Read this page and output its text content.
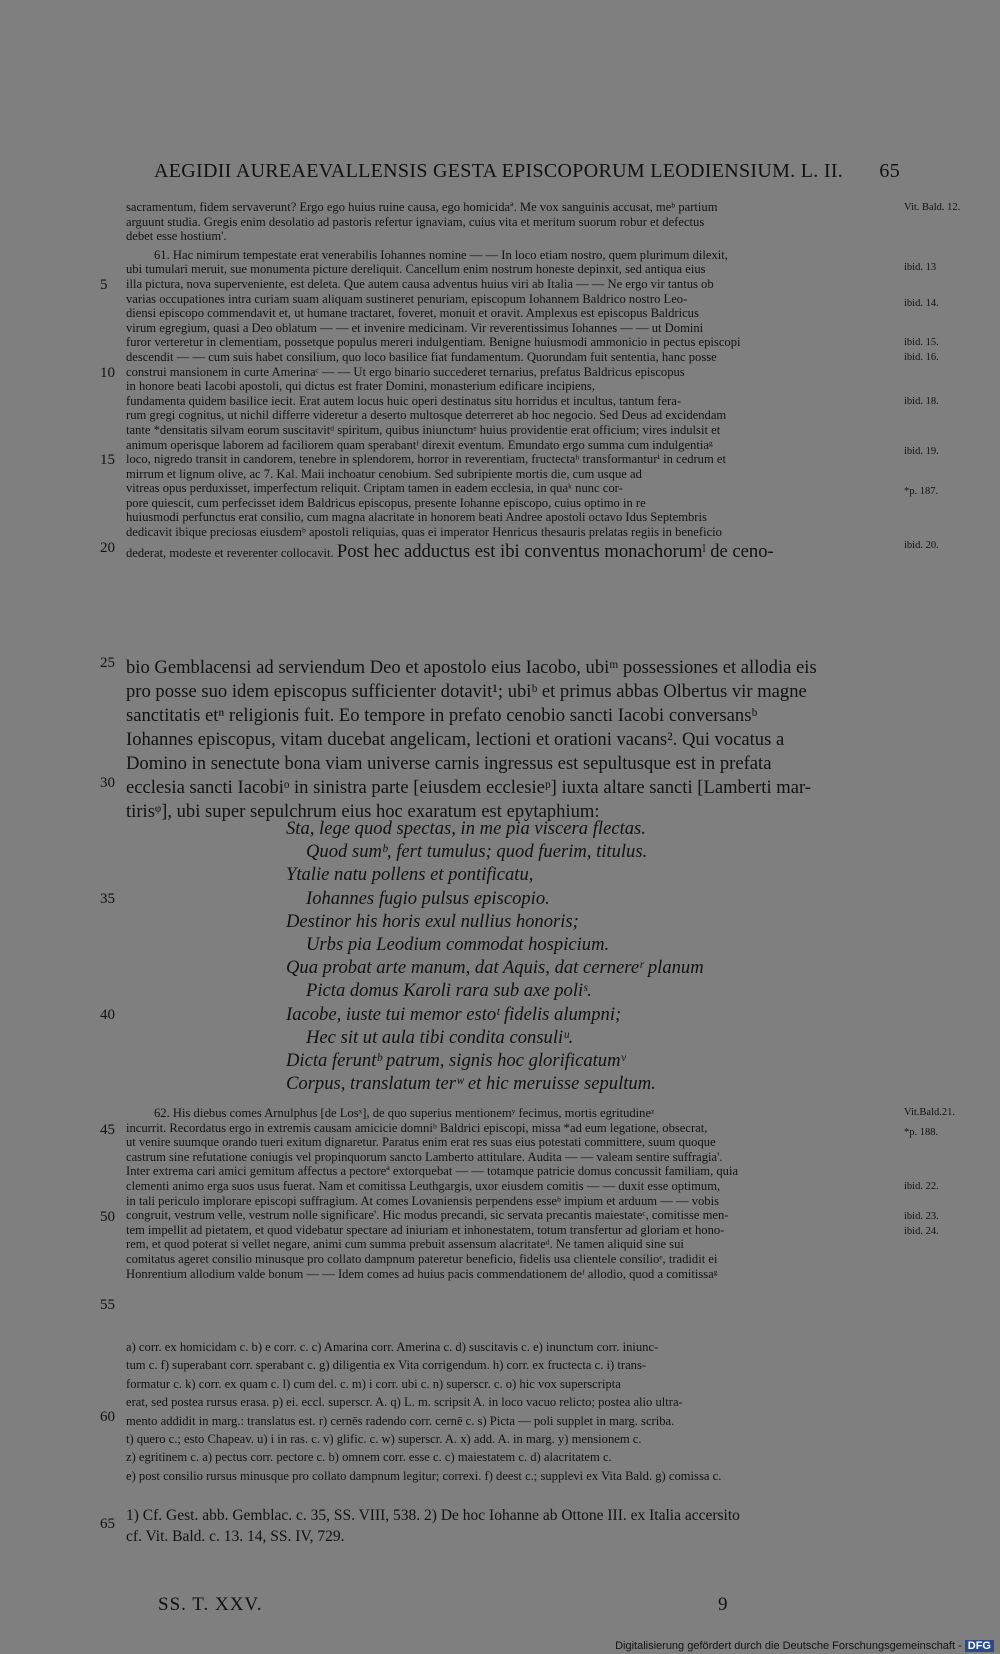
AEGIDII AUREAEVALLENSIS GESTA EPISCOPORUM LEODIENSIUM. L. II. 65
sacramentum, fidem servaverunt? Ergo ego huius ruine causa, ego homicidaª. Me vox sanguinis accusat, meᵇ partium
arguunt studia. Gregis enim desolatio ad pastoris refertur ignaviam, cuius vita et meritum suorum robur et defectus
debet esse hostium'.
61. Hac nimirum tempestate erat venerabilis Iohannes nomine — — In loco etiam nostro, quem plurimum dilexit,
ubi tumulari meruit, sue monumenta picture dereliquit. Cancellum enim nostrum honeste depinxit, sed antiqua eius
illa pictura, nova superveniente, est deleta. Que autem causa adventus huius viri ab Italia — — Ne ergo vir tantus ob
varias occupationes intra curiam suam aliquam sustineret penuriam, episcopum Iohannem Baldrico nostro Leo-
diensi episcopo commendavit et, ut humane tractaret, foveret, monuit et oravit. Amplexus est episcopus Baldricus
virum egregium, quasi a Deo oblatum — — et invenire medicinam. Vir reverentissimus Iohannes — — ut Domini
furor verteretur in clementiam, possetque populus mereri indulgentiam. Benigne huiusmodi ammonicio in pectus episcopi
descendit — — cum suis habet consilium, quo loco basilice fiat fundamentum. Quorundam fuit sententia, hanc posse
construi mansionem in curte Amerinaᶜ — — Ut ergo binario succederet ternarius, prefatus Baldricus episcopus
in honore beati Iacobi apostoli, qui dictus est frater Domini, monasterium edificare incipiens,
fundamenta quidem basilice iecit. Erat autem locus huic operi destinatus situ horridus et incultus, tantum fera-
rum gregi cognitus, ut nichil differre videretur a deserto multosque deterreret ab hoc negocio. Sed Deus ad excidendam
tante *densitatis silvam eorum suscitavitᵈ spiritum, quibus iniunctumᵉ huius providentie erat officium; vires indulsit et
animum operisque laborem ad faciliorem quam sperabantᶠ direxit eventum. Emundato ergo summa cum indulgentiaᵍ
loco, nigredo transit in candorem, tenebre in splendorem, horror in reverentiam, fructectaʰ transformanturⁱ in cedrum et
mirrum et lignum olive, ac 7. Kal. Maii inchoatur cenobium. Sed subripiente mortis die, cum usque ad
vitreas opus perduxisset, imperfectum reliquit. Criptam tamen in eadem ecclesia, in quaᵏ nunc cor-
pore quiescit, cum perfecisset idem Baldricus episcopus, presente Iohanne episcopo, cuius optimo in re
huiusmodi perfunctus erat consilio, cum magna alacritate in honorem beati Andree apostoli octavo Idus Septembris
dedicavit ibique preciosas eiusdemᵇ apostoli reliquias, quas ei imperator Henricus thesauris prelatas regiis in beneficio
dederat, modeste et reverenter collocavit. Post hec adductus est ibi conventus monachorumˡ de ceno-
bio Gemblacensi ad serviendum Deo et apostolo eius Iacobo, ubiᵐ possessiones et allodia eis
pro posse suo idem episcopus sufficienter dotavit¹; ubiᵇ et primus abbas Olbertus vir magne
sanctitatis etⁿ religionis fuit. Eo tempore in prefato cenobio sancti Iacobi conversansᵇ
Iohannes episcopus, vitam ducebat angelicam, lectioni et orationi vacans². Qui vocatus a
Domino in senectute bona viam universe carnis ingressus est sepultusque est in prefata
ecclesia sancti Iacobiᵒ in sinistra parte [eiusdem ecclesieᵖ] iuxta altare sancti [Lamberti mar-
tirisᵠ], ubi super sepulchrum eius hoc exaratum est epytaphium:
Sta, lege quod spectas, in me pia viscera flectas.
Quod sumᵇ, fert tumulus; quod fuerim, titulus.
Ytalie natu pollens et pontificatu,
Iohannes fugio pulsus episcopio.
Destinor his horis exul nullius honoris;
Urbs pia Leodium commodat hospicium.
Qua probat arte manum, dat Aquis, dat cernereʳ planum
Picta domus Karoli rara sub axe poliˢ.
Iacobe, iuste tui memor estoᵗ fidelis alumpni;
Hec sit ut aula tibi condita consuliᵘ.
Dicta feruntᵇ patrum, signis hoc glorificatumᵛ
Corpus, translatum terʷ et hic meruisse sepultum.
62. His diebus comes Arnulphus [de Losˣ], de quo superius mentionemʸ fecimus, mortis egritudineᶻ
incurrit. Recordatus ergo in extremis causam amicicie domniᵇ Baldrici episcopi, missa *ad eum legatione, obsecrat,
ut venire suumque orando tueri exitum dignaretur. Paratus enim erat res suas eius potestati committere, suum quoque
castrum sine refutatione coniugis vel propinquorum sancto Lamberto attitulare. Audita — — valeam sentire suffragia'.
Inter extrema cari amici gemitum affectus a pectoreª extorquebat — — totamque patricie domus concussit familiam, quia
clementi animo erga suos usus fuerat. Nam et comitissa Leuthgargis, uxor eiusdem comitis — — duxit esse optimum,
in tali periculo implorare episcopi suffragium. At comes Lovaniensis perpendens esseᵇ impium et arduum — — vobis
congruit, vestrum velle, vestrum nolle significare'. Hic modus precandi, sic servata precantis maiestateᶜ, comitisse men-
tem impellit ad pietatem, et quod videbatur spectare ad iniuriam et inhonestatem, totum transfertur ad gloriam et hono-
rem, et quod poterat si vellet negare, animi cum summa prebuit assensum alacritateᵈ. Ne tamen aliquid sine sui
comitatus ageret consilio minusque pro collato dampnum pateretur beneficio, fidelis usa clientele consilioᵉ, tradidit ei
Honrentium allodium valde bonum — — Idem comes ad huius pacis commendationem deᶠ allodio, quod a comitissaᵍ
a) corr. ex homicidam c. b) e corr. c. c) Amarina corr. Amerina c. d) suscitavis c. e) inunctum corr. iniunc-
tum c. f) superabant corr. sperabant c. g) diligentia ex Vita corrigendum. h) corr. ex fructecta c. i) trans-
formatur c. k) corr. ex quam c. l) cum del. c. m) i corr. ubi c. n) superscr. c. o) hic vox superscripta
erat, sed postea rursus erasa. p) ei. eccl. superscr. A. q) L. m. scripsit A. in loco vacuo relicto; postea alio ultra-
mento addidit in marg.: translatus est. r) cernēs radendo corr. cernē c. s) Picta — poli supplet in marg. scriba.
t) quero c.; esto Chapeav. u) i in ras. c. v) glific. c. w) superscr. A. x) add. A. in marg. y) mensionem c.
z) egritinem c. a) pectus corr. pectore c. b) omnem corr. esse c. c) maiestatem c. d) alacritatem c.
e) post consilio rursus minusque pro collato dampnum legitur; correxi. f) deest c.; supplevi ex Vita Bald. g) comissa c.
1) Cf. Gest. abb. Gemblac. c. 35, SS. VIII, 538. 2) De hoc Iohanne ab Ottone III. ex Italia accersito
cf. Vit. Bald. c. 13. 14, SS. IV, 729.
5
10
15
20
25
30
35
40
45
50
55
60
65
Vit. Bald. 12.
ibid. 13
ibid. 14.
ibid. 15.
ibid. 16.
ibid. 18.
ibid. 19.
*p. 187.
ibid. 20.
Vit.Bald.21.
*p. 188.
ibid. 22.
ibid. 23.
ibid. 24.
SS. T. XXV.	9
Digitalisierung gefördert durch die Deutsche Forschungsgemeinschaft - DFG
